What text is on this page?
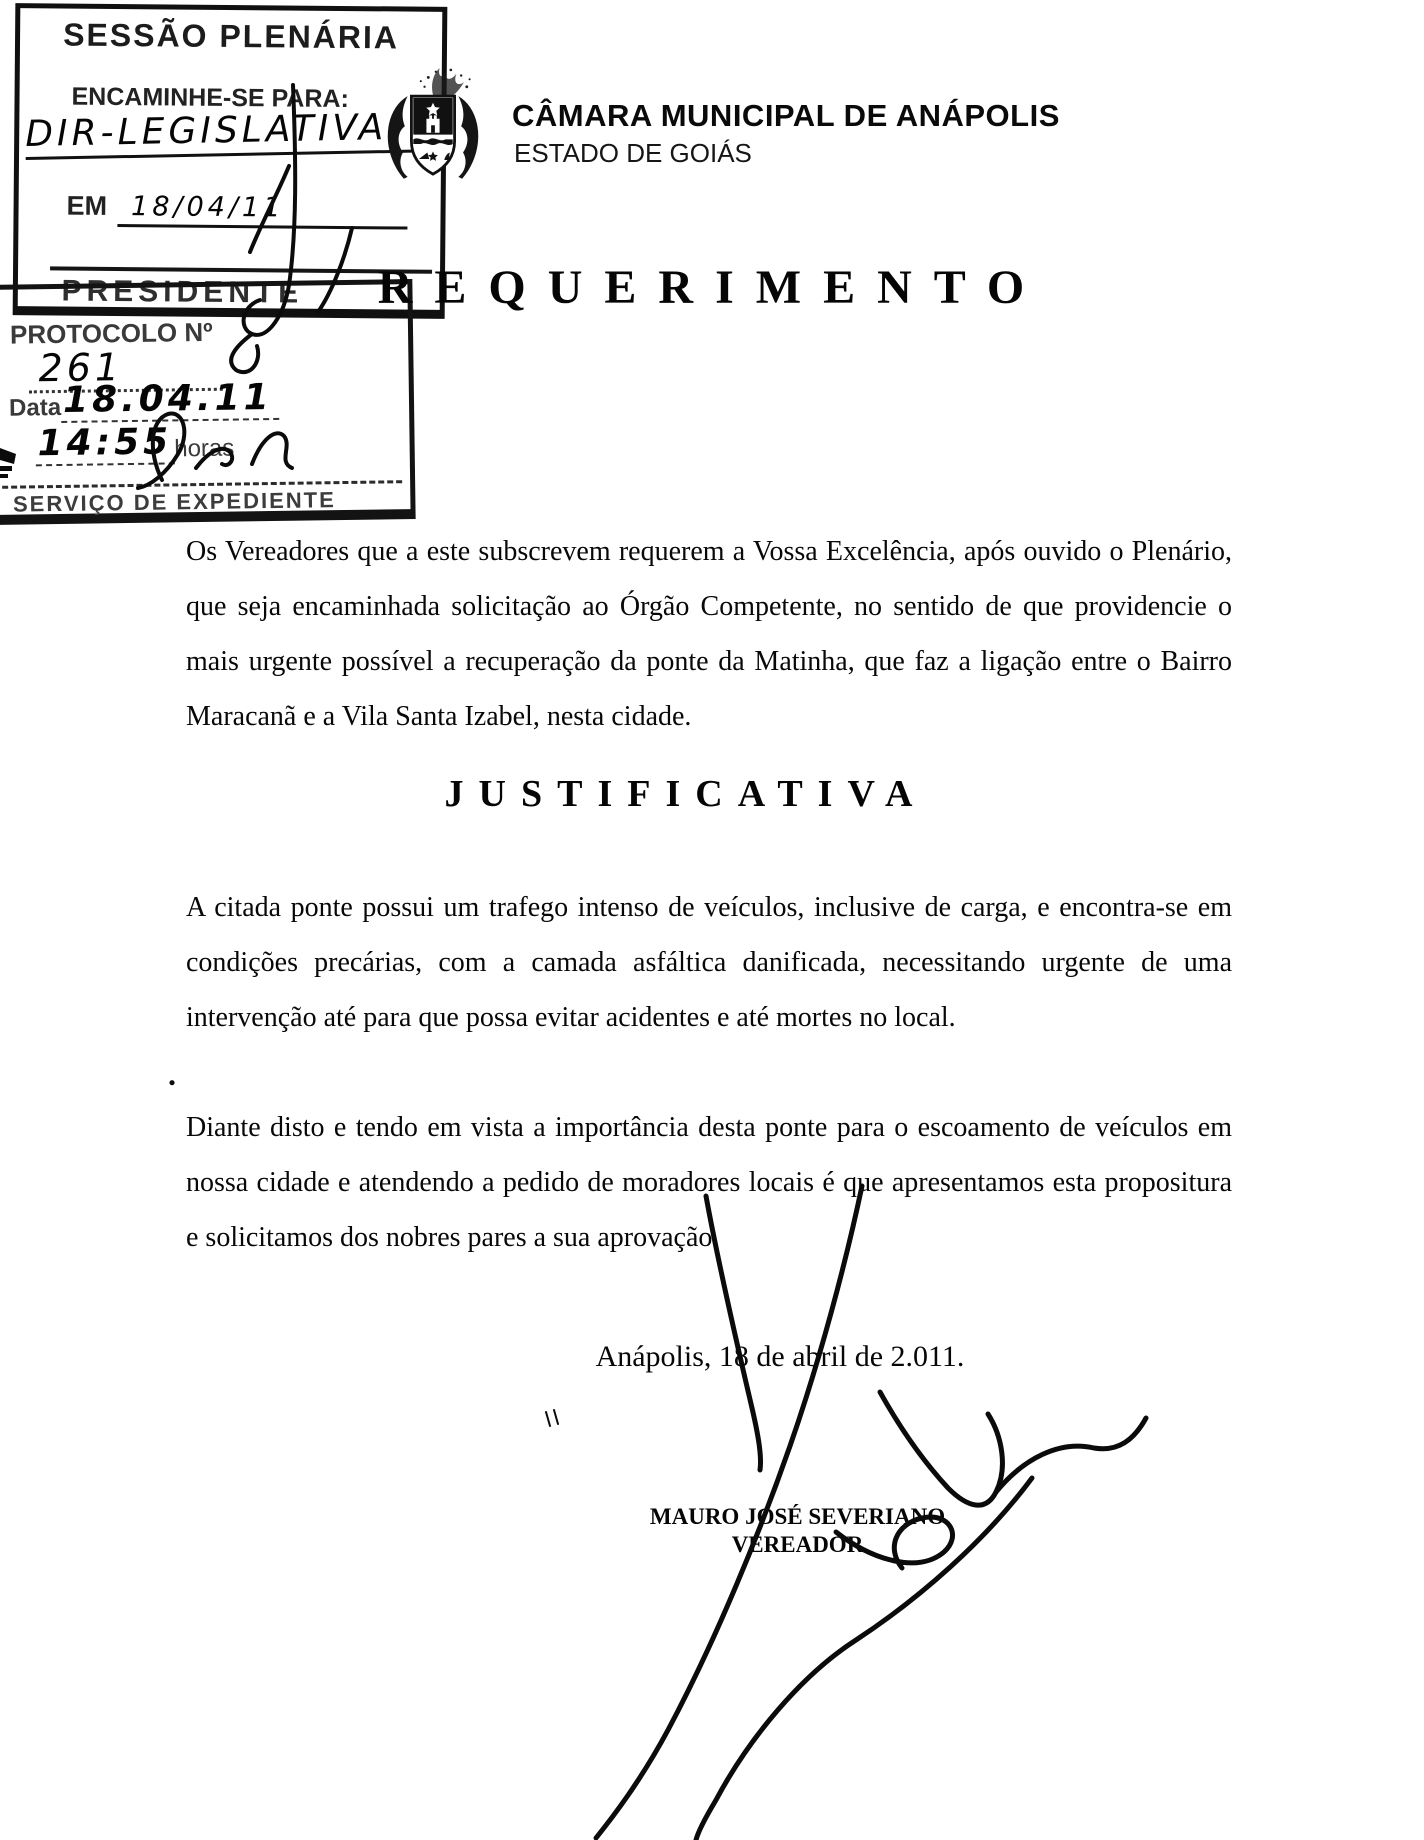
SESSÃO PLENÁRIA
ENCAMINHE-SE PARA:
DIR-LEGISLATIVA
EM 18/04/11
PRESIDENTE
PROTOCOLO Nº261
Data18.04.1114:55horas
SERVIÇO DE EXPEDIENTE
CÂMARA MUNICIPAL DE ANÁPOLIS
ESTADO DE GOIÁS
REQUERIMENTO
Os Vereadores que a este subscrevem requerem a Vossa Excelência, após ouvido o Plenário, que seja encaminhada solicitação ao Órgão Competente, no sentido de que providencie o mais urgente possível a recuperação da ponte da Matinha, que faz a ligação entre o Bairro Maracanã e a Vila Santa Izabel, nesta cidade.
JUSTIFICATIVA
A citada ponte possui um trafego intenso de veículos, inclusive de carga, e encontra-se em condições precárias, com a camada asfáltica danificada, necessitando urgente de uma intervenção até para que possa evitar acidentes e até mortes no local.
.
Diante disto e tendo em vista a importância desta ponte para o escoamento de veículos em nossa cidade e atendendo a pedido de moradores locais é que apresentamos esta propositura e solicitamos dos nobres pares a sua aprovação.
Anápolis, 18 de abril de 2.011.
MAURO JOSÉ SEVERIANO
VEREADOR
